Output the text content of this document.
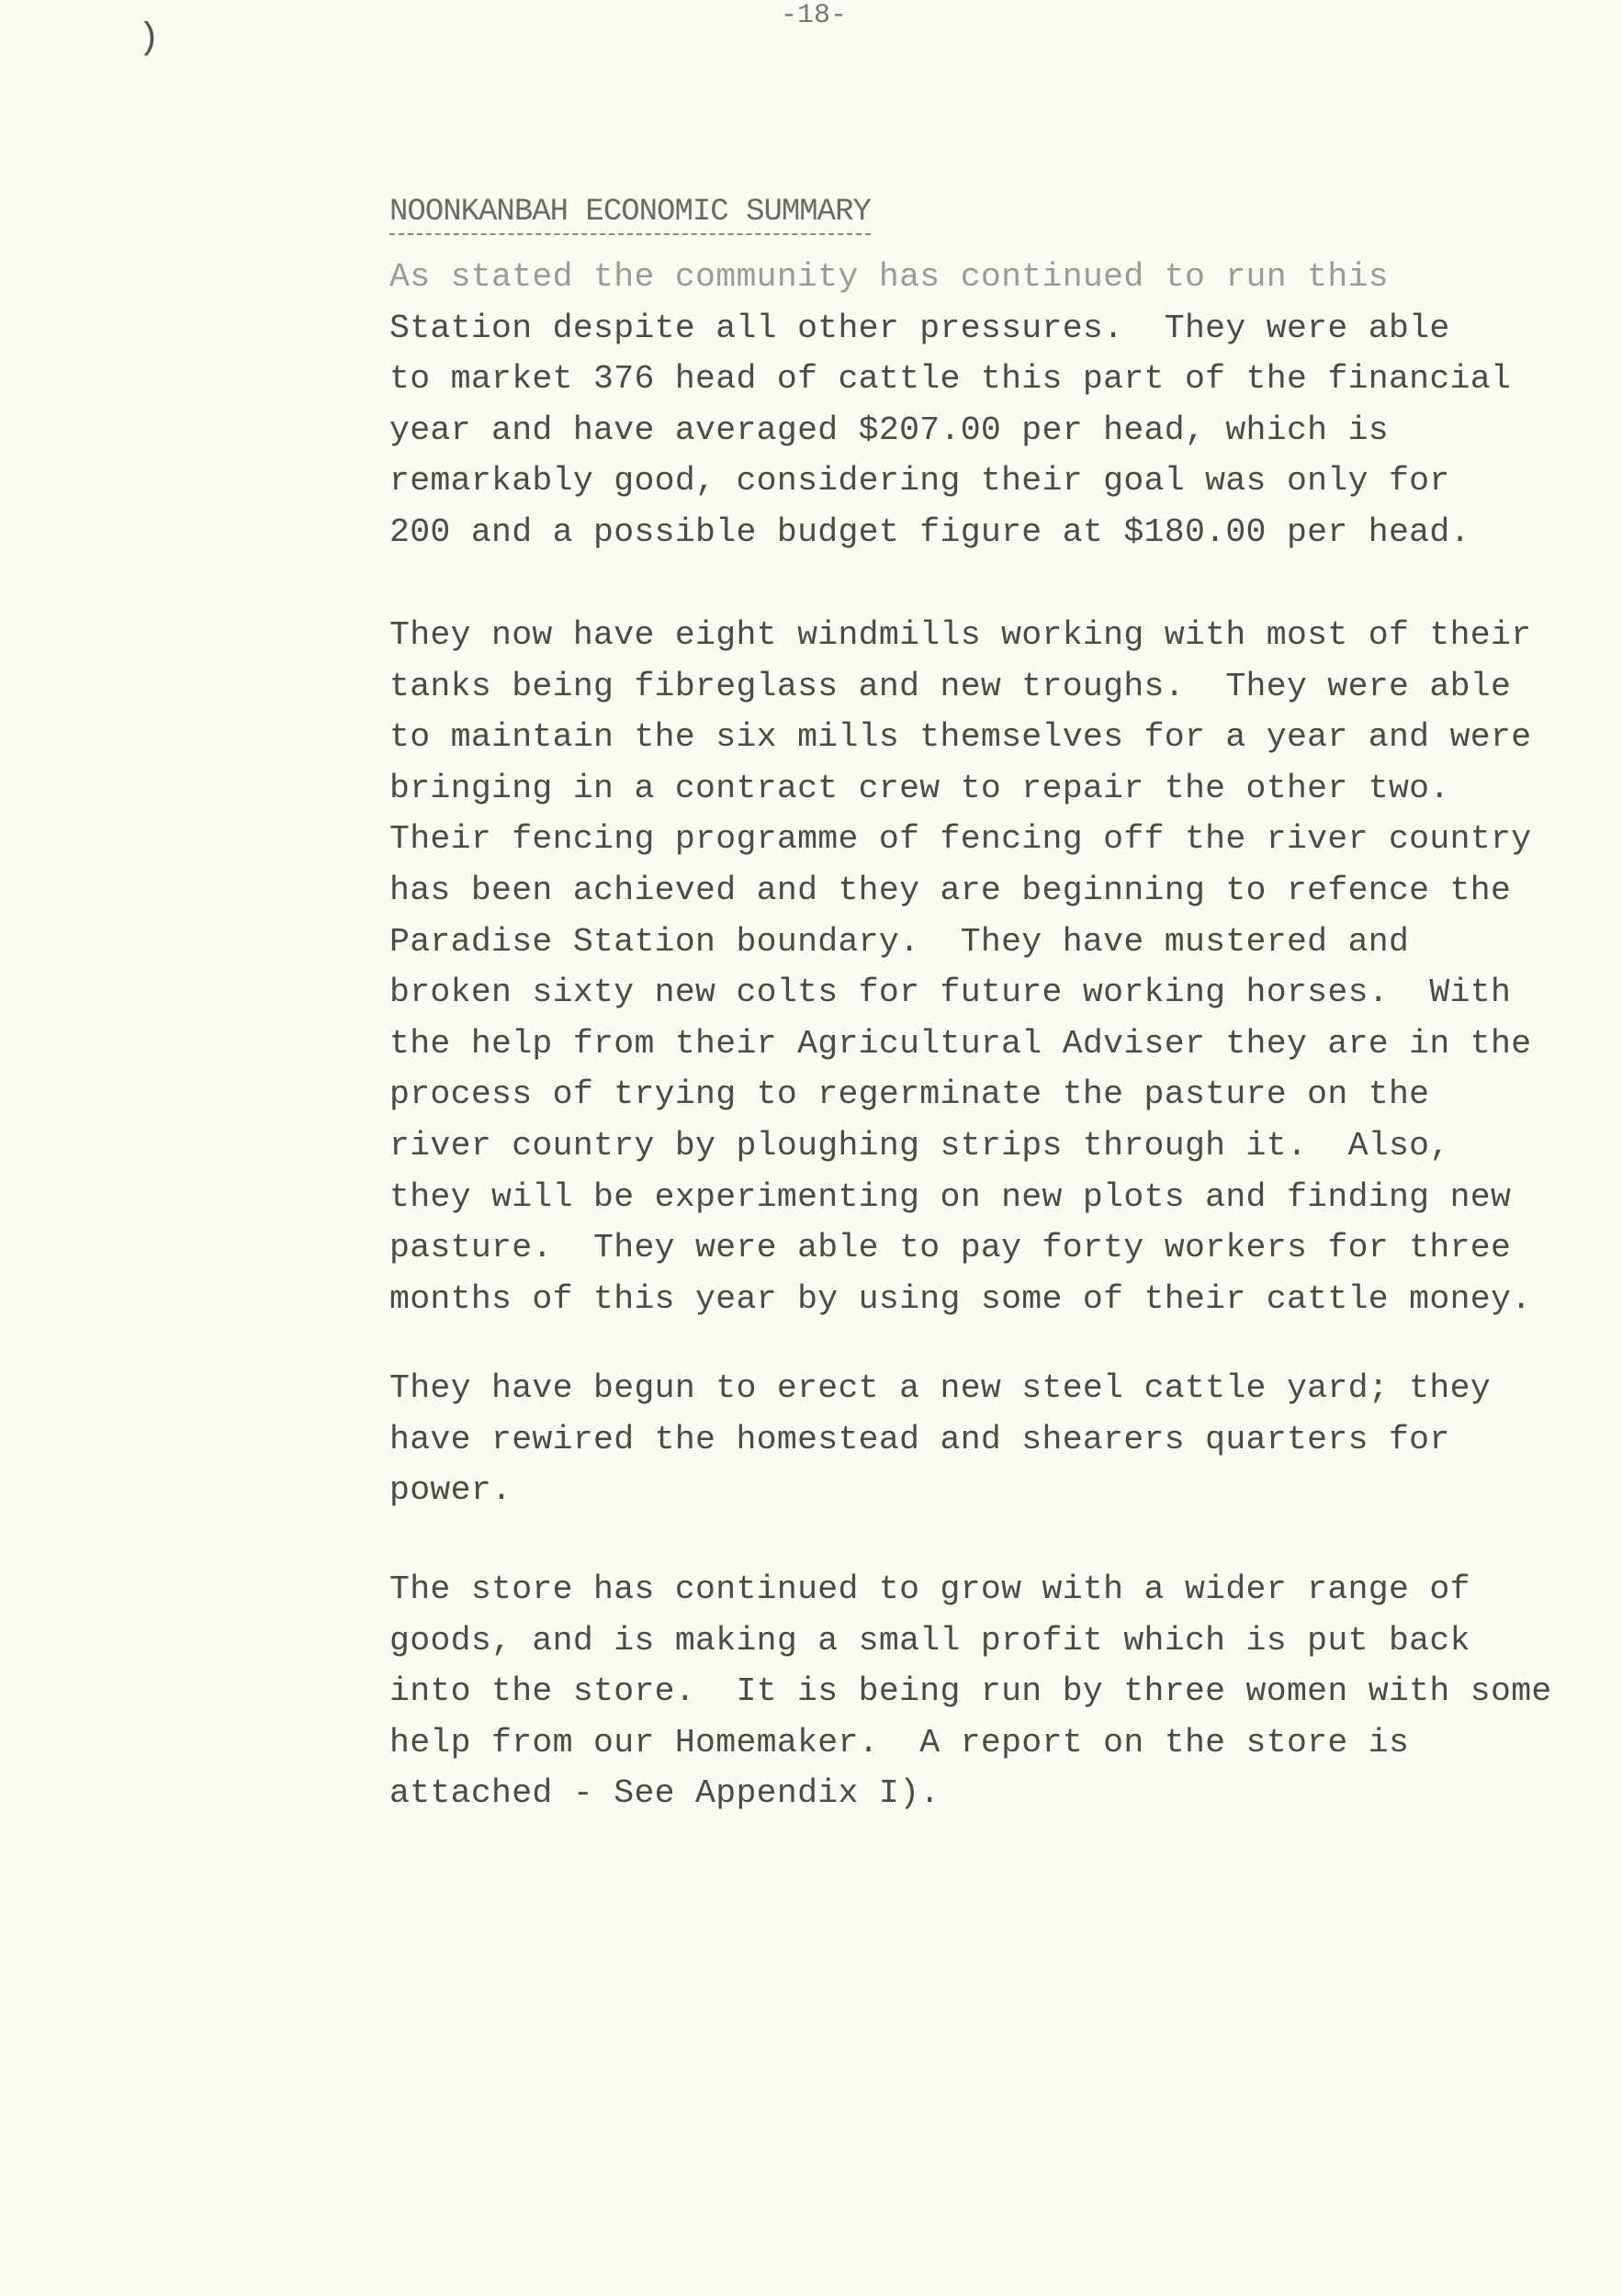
)
-18-
NOONKANBAH ECONOMIC SUMMARY
As stated the community has continued to run this
Station despite all other pressures.  They were able
to market 376 head of cattle this part of the financial
year and have averaged $207.00 per head, which is
remarkably good, considering their goal was only for
200 and a possible budget figure at $180.00 per head.
They now have eight windmills working with most of their
tanks being fibreglass and new troughs.  They were able
to maintain the six mills themselves for a year and were
bringing in a contract crew to repair the other two.
Their fencing programme of fencing off the river country
has been achieved and they are beginning to refence the
Paradise Station boundary.  They have mustered and
broken sixty new colts for future working horses.  With
the help from their Agricultural Adviser they are in the
process of trying to regerminate the pasture on the
river country by ploughing strips through it.  Also,
they will be experimenting on new plots and finding new
pasture.  They were able to pay forty workers for three
months of this year by using some of their cattle money.
They have begun to erect a new steel cattle yard; they
have rewired the homestead and shearers quarters for
power.
The store has continued to grow with a wider range of
goods, and is making a small profit which is put back
into the store.  It is being run by three women with some
help from our Homemaker.  A report on the store is
attached - See Appendix I).
